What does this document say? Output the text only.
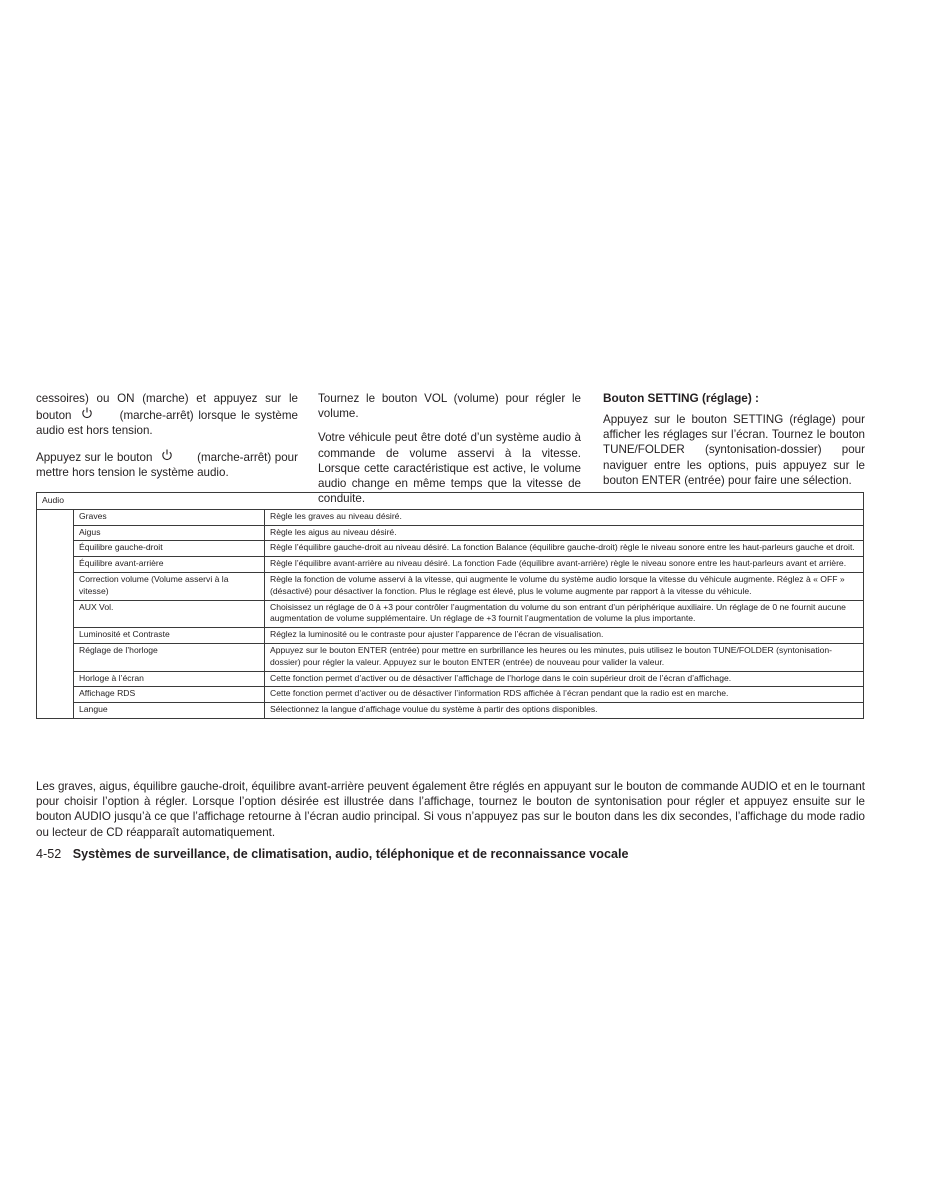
cessoires) ou ON (marche) et appuyez sur le bouton	(marche-arrêt) lorsque le système audio est hors tension.

Appuyez sur le bouton	(marche-arrêt) pour mettre hors tension le système audio.

Tournez le bouton VOL (volume) pour régler le volume.

Votre véhicule peut être doté d’un système audio à commande de volume asservi à la vitesse. Lorsque cette caractéristique est active, le volume audio change en même temps que la vitesse de conduite.

Bouton SETTING (réglage) :

Appuyez sur le bouton SETTING (réglage) pour afficher les réglages sur l’écran. Tournez le bouton TUNE/FOLDER (syntonisation-dossier) pour naviguer entre les options, puis appuyez sur le bouton ENTER (entrée) pour faire une sélection.

Audio		
	Graves	Règle les graves au niveau désiré.
	Aigus	Règle les aigus au niveau désiré.
	Équilibre gauche-droit	Règle l’équilibre gauche-droit au niveau désiré. La fonction Balance (équilibre gauche-droit) règle le niveau sonore entre les haut-parleurs gauche et droit.
	Équilibre avant-arrière	Règle l’équilibre avant-arrière au niveau désiré. La fonction Fade (équilibre avant-arrière) règle le niveau sonore entre les haut-parleurs avant et arrière.
	Correction volume (Volume asservi à la vitesse)	Règle la fonction de volume asservi à la vitesse, qui augmente le volume du système audio lorsque la vitesse du véhicule augmente. Réglez à « OFF » (désactivé) pour désactiver la fonction. Plus le réglage est élevé, plus le volume augmente par rapport à la vitesse du véhicule.
	AUX Vol.	Choisissez un réglage de 0 à +3 pour contrôler l’augmentation du volume du son entrant d’un périphérique auxiliaire. Un réglage de 0 ne fournit aucune augmentation de volume supplémentaire. Un réglage de +3 fournit l’augmentation de volume la plus importante.
	Luminosité et Contraste	Réglez la luminosité ou le contraste pour ajuster l’apparence de l’écran de visualisation.
	Réglage de l’horloge	Appuyez sur le bouton ENTER (entrée) pour mettre en surbrillance les heures ou les minutes, puis utilisez le bouton TUNE/FOLDER (syntonisation-dossier) pour régler la valeur. Appuyez sur le bouton ENTER (entrée) de nouveau pour valider la valeur.
	Horloge à l’écran	Cette fonction permet d’activer ou de désactiver l’affichage de l’horloge dans le coin supérieur droit de l’écran d’affichage.
	Affichage RDS	Cette fonction permet d’activer ou de désactiver l’information RDS affichée à l’écran pendant que la radio est en marche.
	Langue	Sélectionnez la langue d’affichage voulue du système à partir des options disponibles.

Les graves, aigus, équilibre gauche-droit, équilibre avant-arrière peuvent également être réglés en appuyant sur le bouton de commande AUDIO et en le tournant pour choisir l’option à régler. Lorsque l’option désirée est illustrée dans l’affichage, tournez le bouton de syntonisation pour régler et appuyez ensuite sur le bouton AUDIO jusqu’à ce que l’affichage retourne à l’écran audio principal. Si vous n’appuyez pas sur le bouton dans les dix secondes, l’affichage du mode radio ou lecteur de CD réapparaît automatiquement.

4-52 Systèmes de surveillance, de climatisation, audio, téléphonique et de reconnaissance vocale
